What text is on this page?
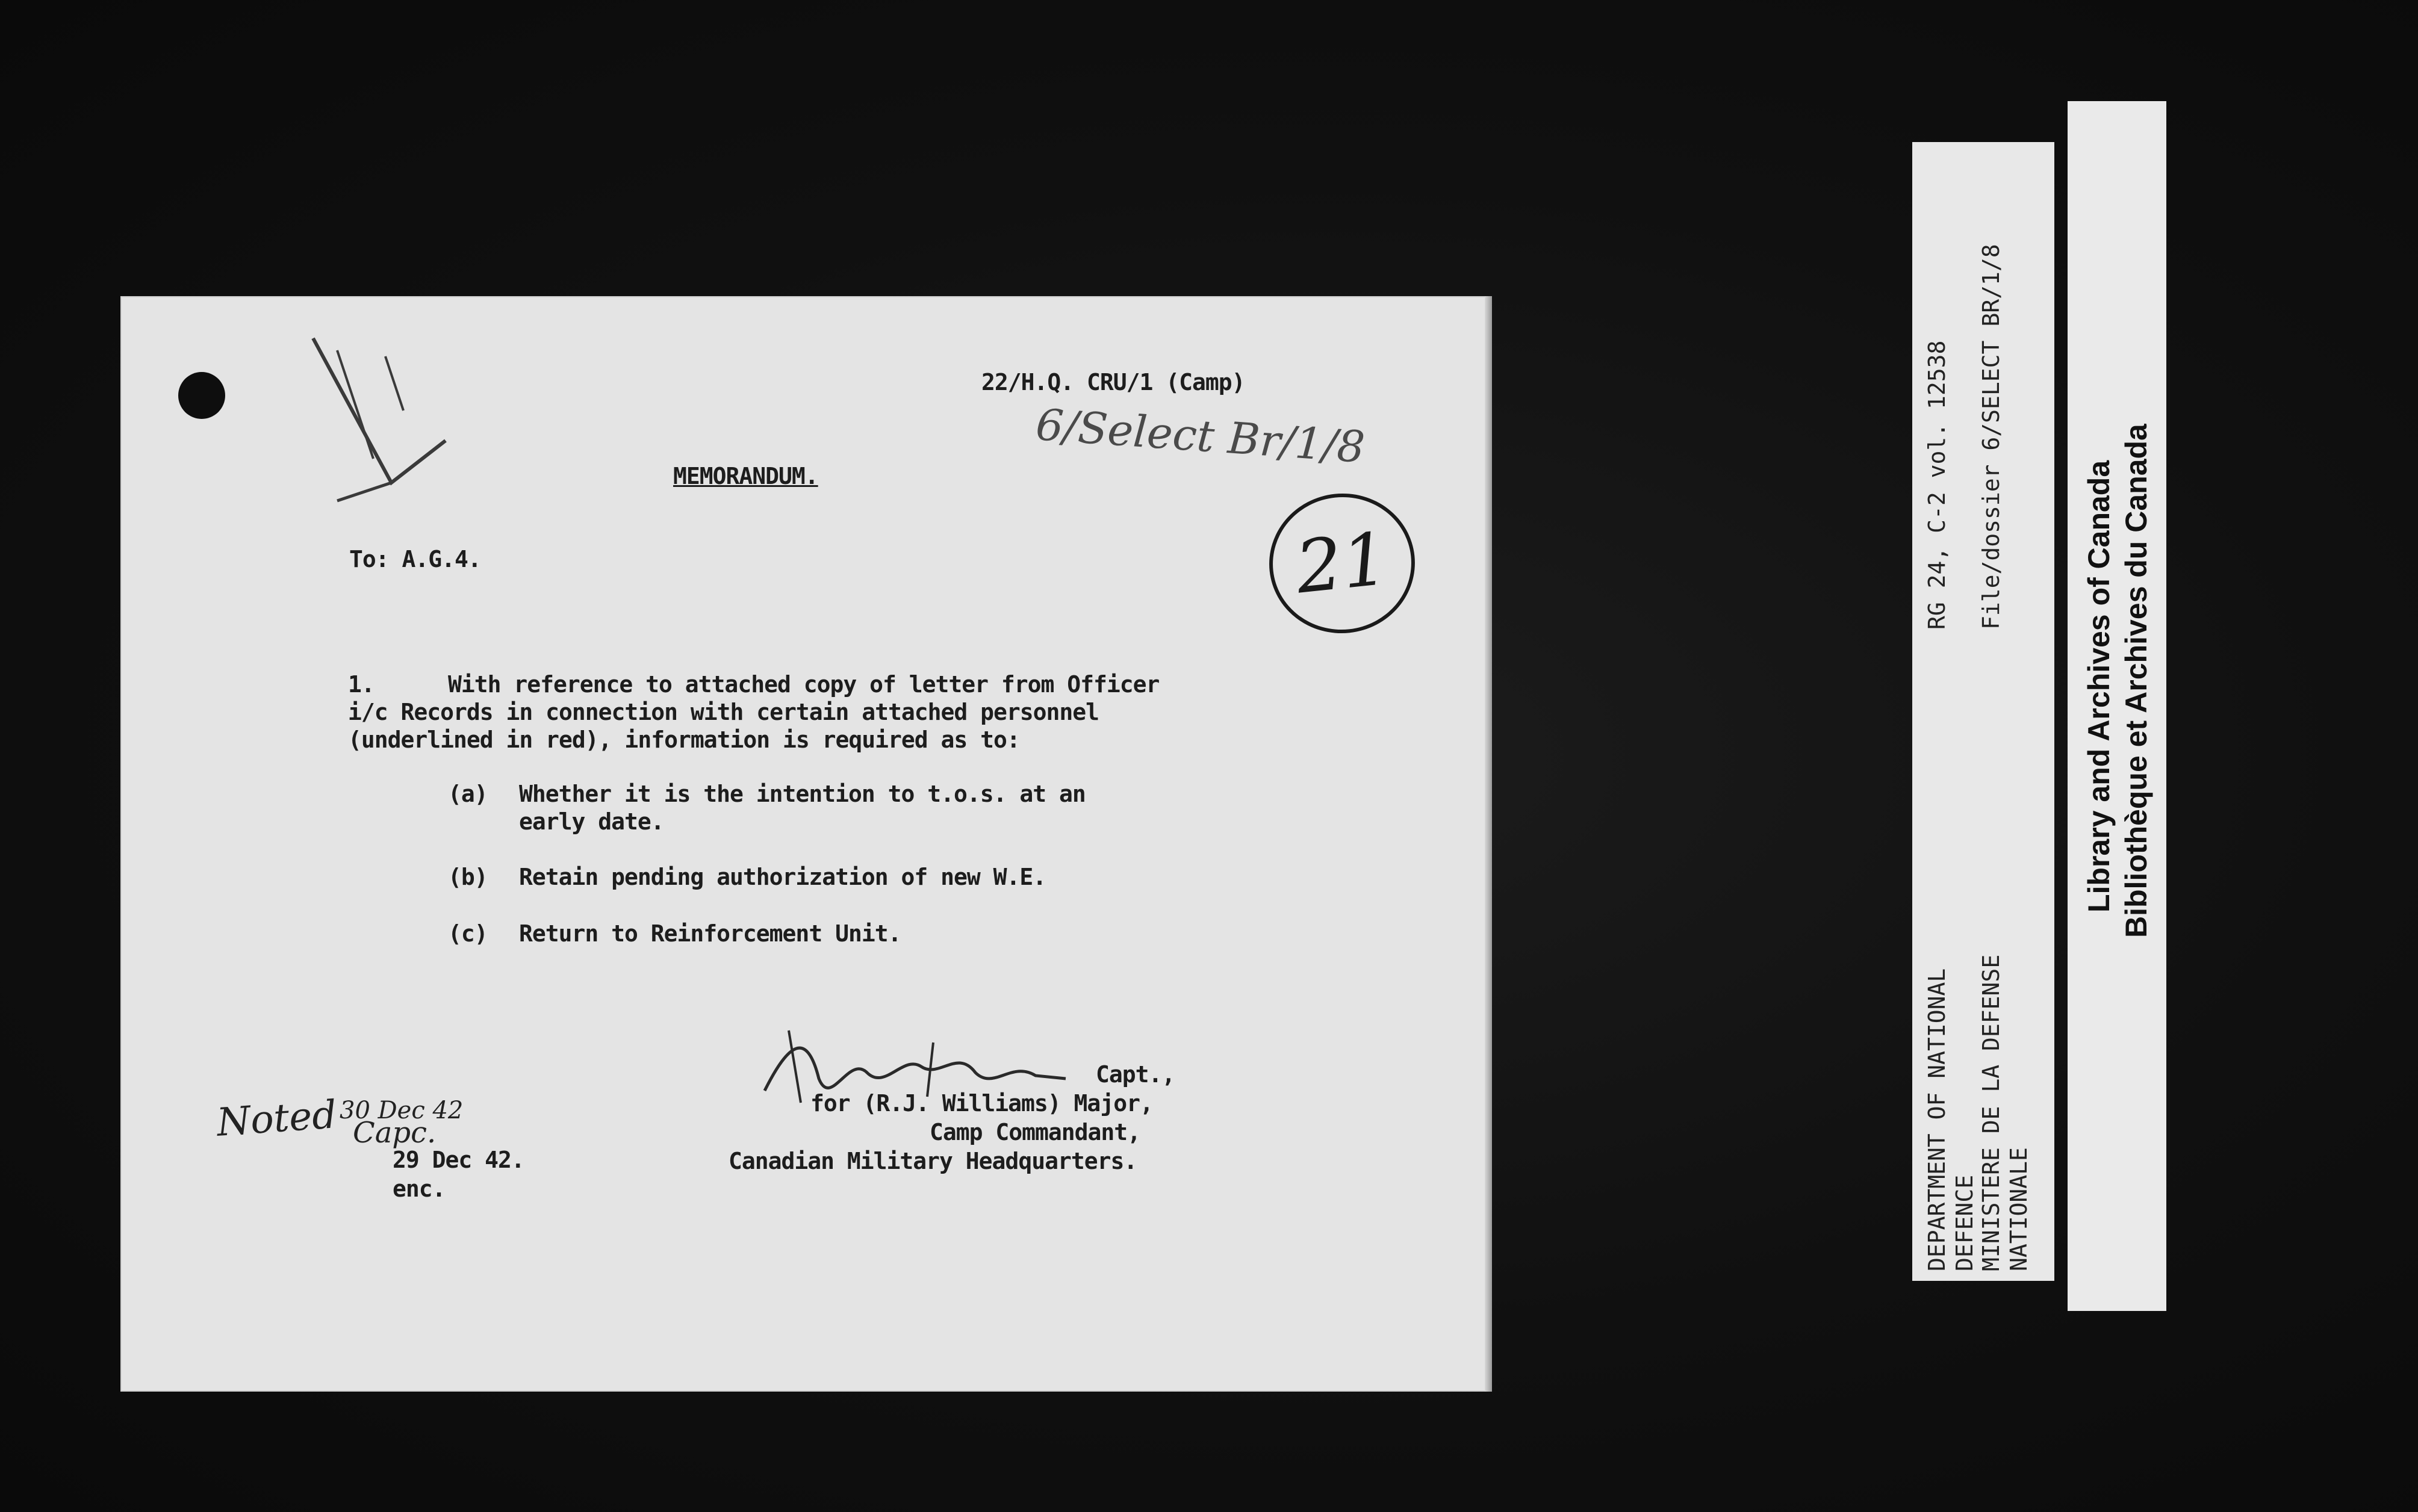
22/H.Q. CRU/1 (Camp)
6/Select Br/1/8
MEMORANDUM.
21
To: A.G.4.
1.	With reference to attached copy of letter from Officer
i/c Records in connection with certain attached personnel
(underlined in red), information is required as to:
(a) Whether it is the intention to t.o.s. at an
early date.
(b) Retain pending authorization of new W.E.
(c) Return to Reinforcement Unit.
Capt.,
for (R.J. Williams) Major,
Camp Commandant,
Canadian Military Headquarters.
Noted 30 Dec 42
Capc.
29 Dec 42.
enc.	DEPARTMENT OF NATIONAL
DEFENCE MINISTERE DE LA DEFENSE
NATIONALE
RG 24, C-2 vol. 12538 File/dossier 6/SELECT BR/1/8
Library and Archives of Canada Bibliothèque et Archives du Canada
